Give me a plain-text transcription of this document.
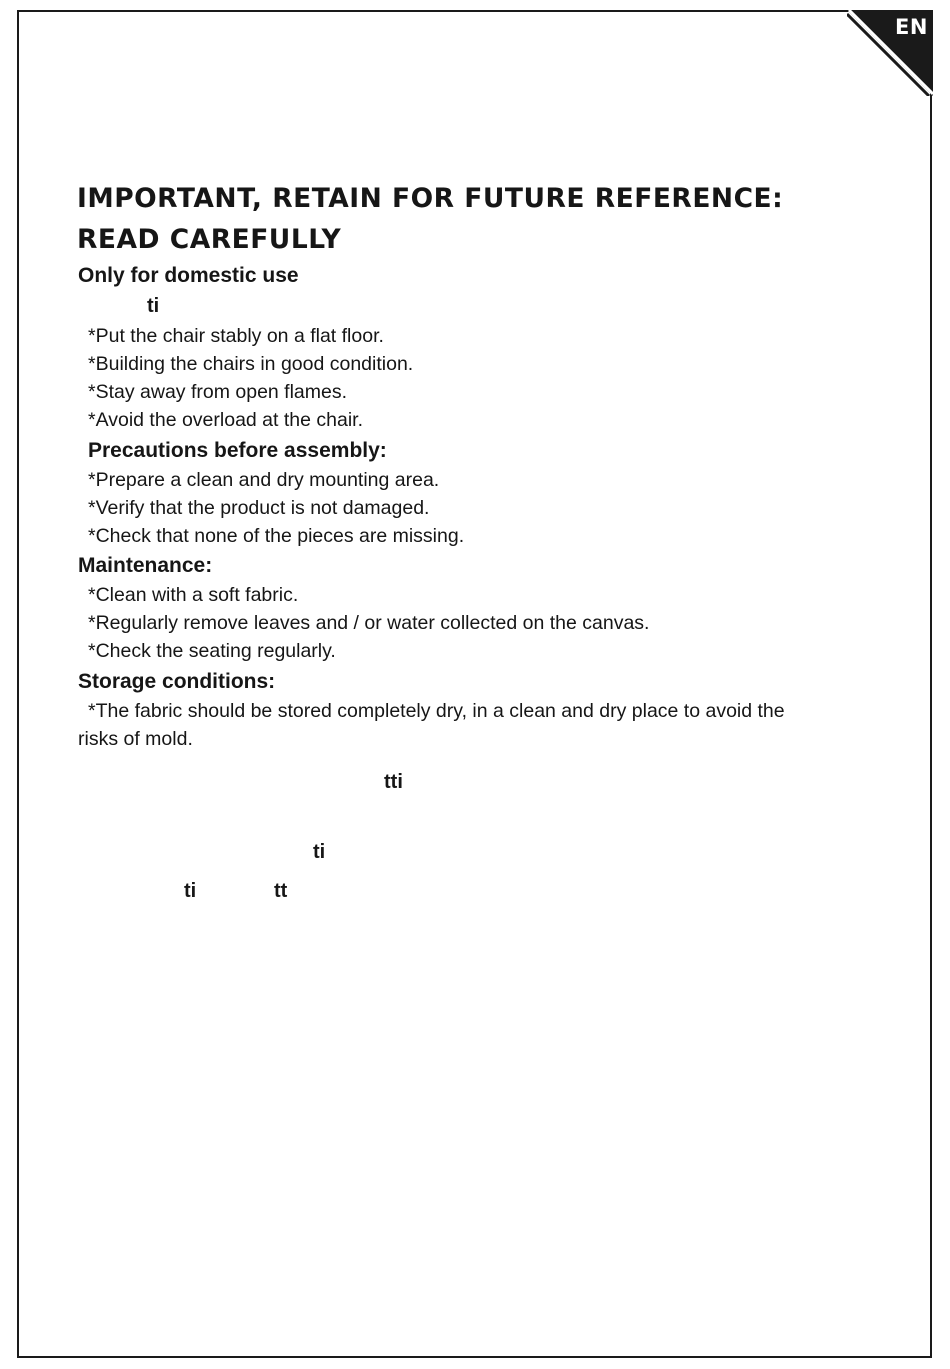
EN
IMPORTANT, RETAIN FOR FUTURE REFERENCE:
READ CAREFULLY
Only for domestic use
ti
*Put the chair stably on a flat floor.
*Building the chairs in good condition.
*Stay away from open flames.
*Avoid the overload at the chair.
Precautions before assembly:
*Prepare a clean and dry mounting area.
*Verify that the product is not damaged.
*Check that none of the pieces are missing.
Maintenance:
*Clean with a soft fabric.
*Regularly remove leaves and / or water collected on the canvas.
*Check the seating regularly.
Storage conditions:
*The fabric should be stored completely dry, in a clean and dry place to avoid the
risks of mold.
tti
ti
ti	tt
